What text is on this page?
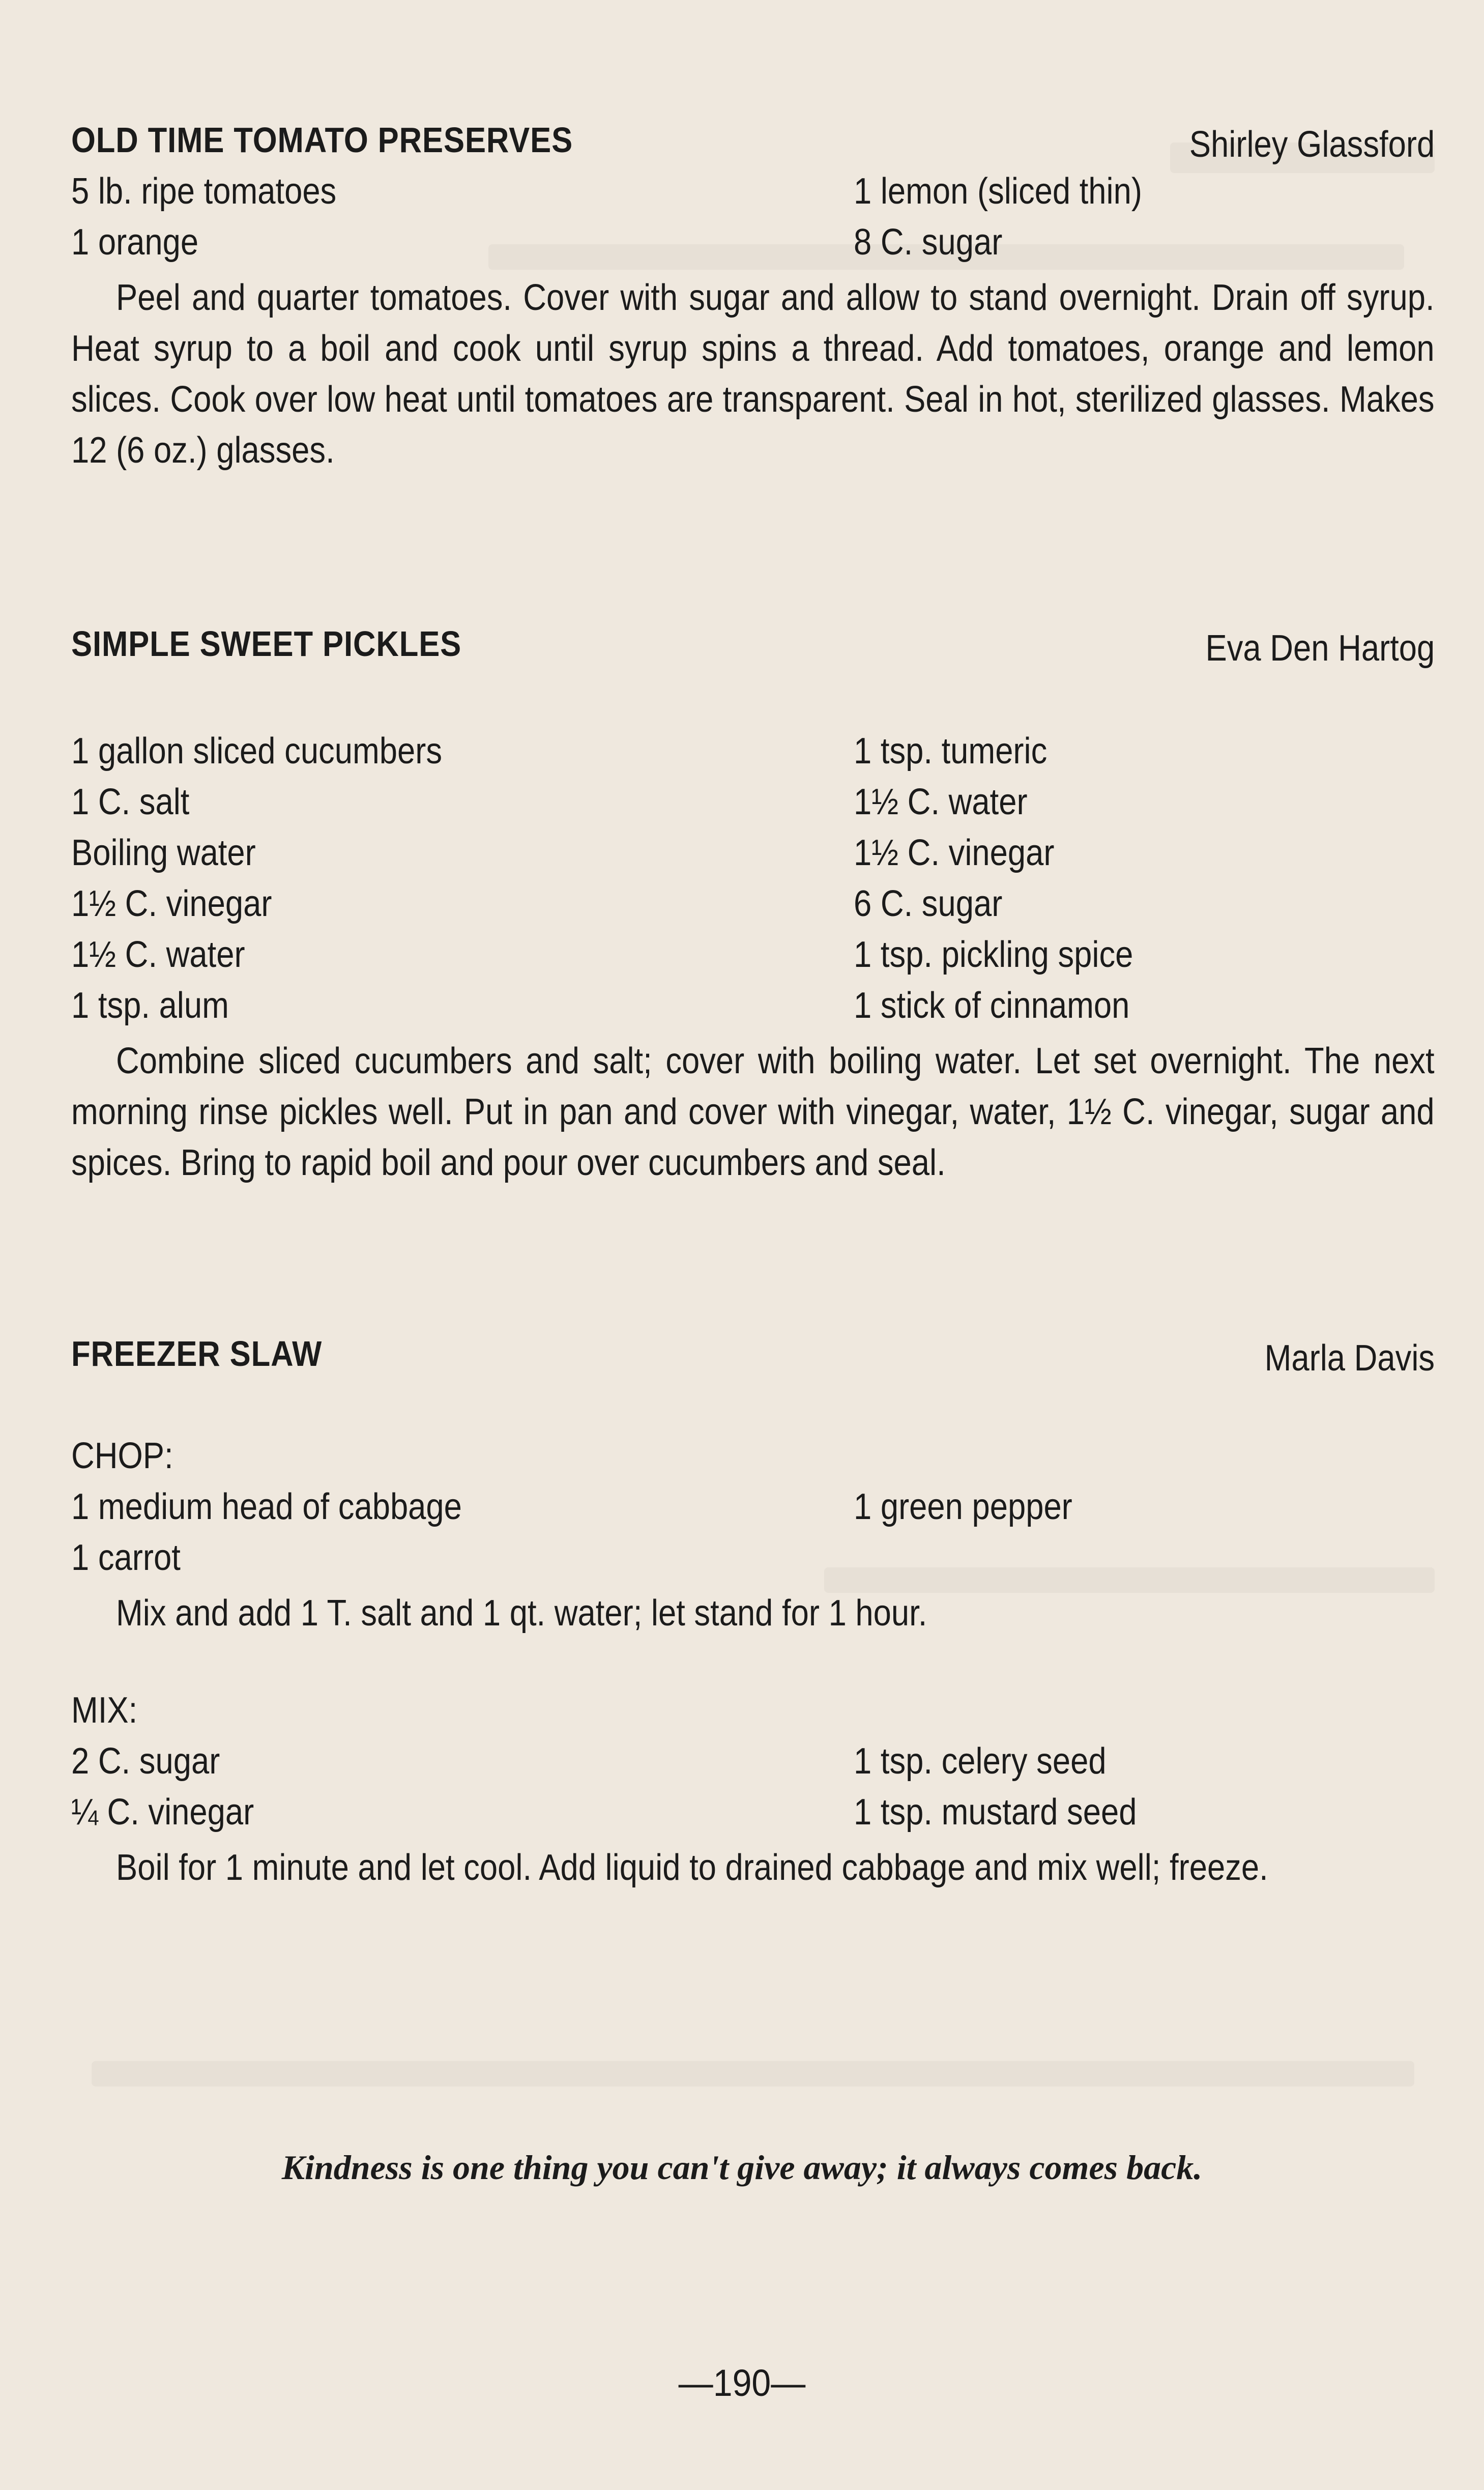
OLD TIME TOMATO PRESERVES	Shirley Glassford
5 lb. ripe tomatoes	1 lemon (sliced thin)
1 orange	8 C. sugar

Peel and quarter tomatoes. Cover with sugar and allow to stand overnight. Drain off syrup. Heat syrup to a boil and cook until syrup spins a thread. Add tomatoes, orange and lemon slices. Cook over low heat until tomatoes are transparent. Seal in hot, sterilized glasses. Makes 12 (6 oz.) glasses.

SIMPLE SWEET PICKLES	Eva Den Hartog
1 gallon sliced cucumbers	1 tsp. tumeric
1 C. salt	1½ C. water
Boiling water	1½ C. vinegar
1½ C. vinegar	6 C. sugar
1½ C. water	1 tsp. pickling spice
1 tsp. alum	1 stick of cinnamon

Combine sliced cucumbers and salt; cover with boiling water. Let set overnight. The next morning rinse pickles well. Put in pan and cover with vinegar, water, 1½ C. vinegar, sugar and spices. Bring to rapid boil and pour over cucumbers and seal.

FREEZER SLAW	Marla Davis
CHOP:
1 medium head of cabbage	1 green pepper
1 carrot

Mix and add 1 T. salt and 1 qt. water; let stand for 1 hour.

MIX:
2 C. sugar	1 tsp. celery seed
¼ C. vinegar	1 tsp. mustard seed

Boil for 1 minute and let cool. Add liquid to drained cabbage and mix well; freeze.

Kindness is one thing you can't give away; it always comes back.
—190—
